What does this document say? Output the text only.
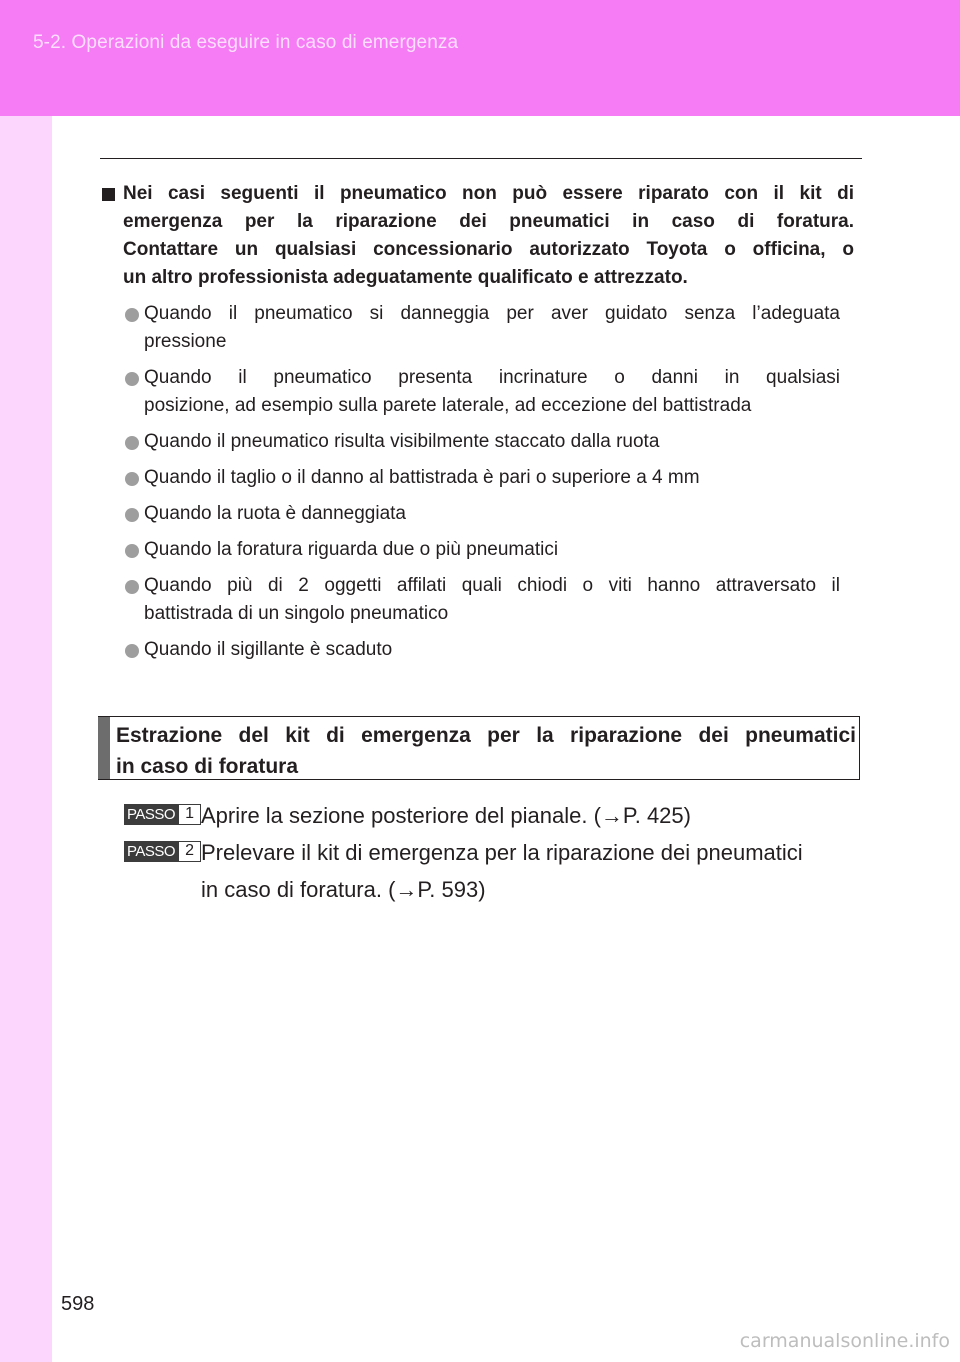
5-2. Operazioni da eseguire in caso di emergenza
Nei casi seguenti il pneumatico non può essere riparato con il kit di
emergenza per la riparazione dei pneumatici in caso di foratura.
Contattare un qualsiasi concessionario autorizzato Toyota o officina, o
un altro professionista adeguatamente qualificato e attrezzato.
Quando il pneumatico si danneggia per aver guidato senza l’adeguata
pressione
Quando il pneumatico presenta incrinature o danni in qualsiasi
posizione, ad esempio sulla parete laterale, ad eccezione del battistrada
Quando il pneumatico risulta visibilmente staccato dalla ruota
Quando il taglio o il danno al battistrada è pari o superiore a 4 mm
Quando la ruota è danneggiata
Quando la foratura riguarda due o più pneumatici
Quando più di 2 oggetti affilati quali chiodi o viti hanno attraversato il
battistrada di un singolo pneumatico
Quando il sigillante è scaduto
Estrazione del kit di emergenza per la riparazione dei pneumatici
in caso di foratura
PASSO 1 Aprire la sezione posteriore del pianale. (→P. 425)
PASSO 2 Prelevare il kit di emergenza per la riparazione dei pneumatici
in caso di foratura. (→P. 593)
598
carmanualsonline.info
